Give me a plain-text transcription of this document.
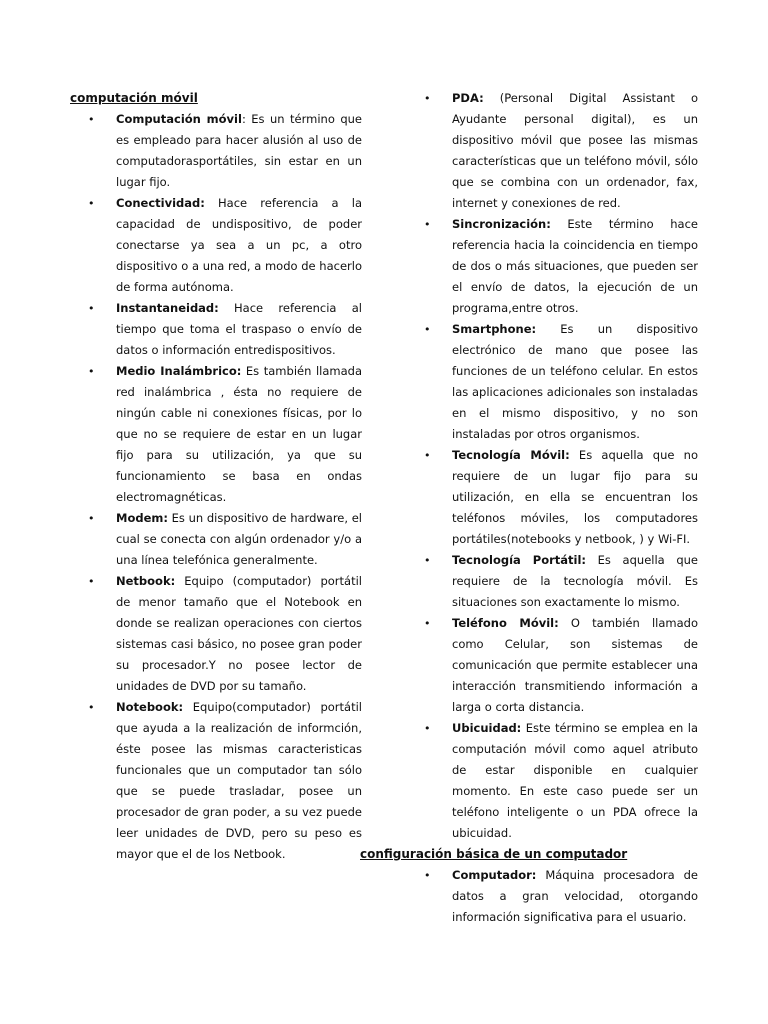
computación móvil
• Computación móvil: Es un término que es empleado para hacer alusión al uso de computadorasportátiles, sin estar en un lugar fijo.
• Conectividad: Hace referencia a la capacidad de undispositivo, de poder conectarse ya sea a un pc, a otro dispositivo o a una red, a modo de hacerlo de forma autónoma.
• Instantaneidad: Hace referencia al tiempo que toma el traspaso o envío de datos o información entredispositivos.
• Medio Inalámbrico: Es también llamada red inalámbrica , ésta no requiere de ningún cable ni conexiones físicas, por lo que no se requiere de estar en un lugar fijo para su utilización, ya que su funcionamiento se basa en ondas electromagnéticas.
• Modem: Es un dispositivo de hardware, el cual se conecta con algún ordenador y/o a una línea telefónica generalmente.
• Netbook: Equipo (computador) portátil de menor tamaño que el Notebook en donde se realizan operaciones con ciertos sistemas casi básico, no posee gran poder su procesador.Y no posee lector de unidades de DVD por su tamaño.
• Notebook: Equipo(computador) portátil que ayuda a la realización de informción, éste posee las mismas caracteristicas funcionales que un computador tan sólo que se puede trasladar, posee un procesador de gran poder, a su vez puede leer unidades de DVD, pero su peso es mayor que el de los Netbook.
• PDA: (Personal Digital Assistant o Ayudante personal digital), es un dispositivo móvil que posee las mismas características que un teléfono móvil, sólo que se combina con un ordenador, fax, internet y conexiones de red.
• Sincronización: Este término hace referencia hacia la coincidencia en tiempo de dos o más situaciones, que pueden ser el envío de datos, la ejecución de un programa,entre otros.
• Smartphone: Es un dispositivo electrónico de mano que posee las funciones de un teléfono celular. En estos las aplicaciones adicionales son instaladas en el mismo dispositivo, y no son instaladas por otros organismos.
• Tecnología Móvil: Es aquella que no requiere de un lugar fijo para su utilización, en ella se encuentran los teléfonos móviles, los computadores portátiles(notebooks y netbook, ) y Wi-FI.
• Tecnología Portátil: Es aquella que requiere de la tecnología móvil. Es situaciones son exactamente lo mismo.
• Teléfono Móvil: O también llamado como Celular, son sistemas de comunicación que permite establecer una interacción transmitiendo información a larga o corta distancia.
• Ubicuidad: Este término se emplea en la computación móvil como aquel atributo de estar disponible en cualquier momento. En este caso puede ser un teléfono inteligente o un PDA ofrece la ubicuidad.
configuración básica de un computador
• Computador: Máquina procesadora de datos a gran velocidad, otorgando información significativa para el usuario.
